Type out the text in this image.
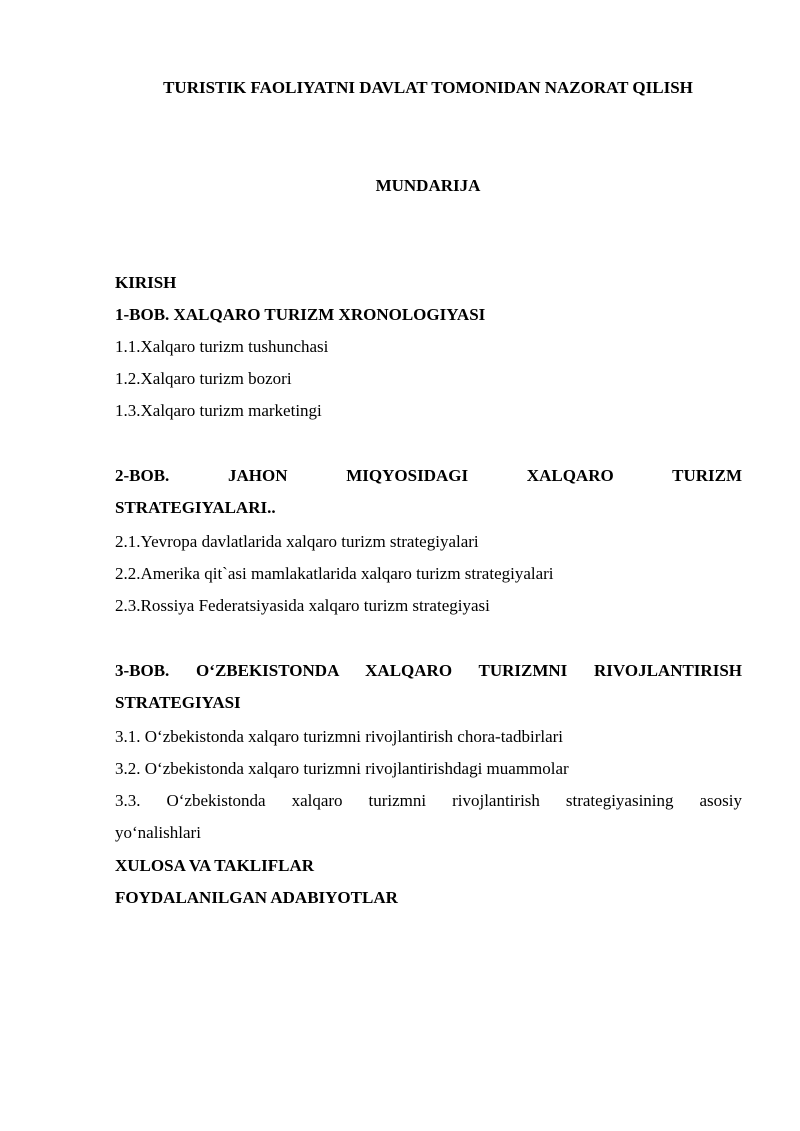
TURISTIK FAOLIYATNI DAVLAT TOMONIDAN NAZORAT QILISH
MUNDARIJA
KIRISH
1-BOB. XALQARO TURIZM XRONOLOGIYASI
1.1.Xalqaro turizm tushunchasi
1.2.Xalqaro turizm bozori
1.3.Xalqaro turizm marketingi
2-BOB. JAHON MIQYOSIDAGI XALQARO TURIZM
STRATEGIYALARI..
2.1.Yevropa davlatlarida xalqaro turizm strategiyalari
2.2.Amerika qit`asi mamlakatlarida xalqaro turizm strategiyalari
2.3.Rossiya Federatsiyasida xalqaro turizm strategiyasi
3-BOB. O‘ZBEKISTONDA XALQARO TURIZMNI RIVOJLANTIRISH
STRATEGIYASI
3.1. O‘zbekistonda xalqaro turizmni rivojlantirish chora-tadbirlari
3.2. O‘zbekistonda xalqaro turizmni rivojlantirishdagi muammolar
3.3. O‘zbekistonda xalqaro turizmni rivojlantirish strategiyasining asosiy
yo‘nalishlari
XULOSA VA TAKLIFLAR
FOYDALANILGAN ADABIYOTLAR
